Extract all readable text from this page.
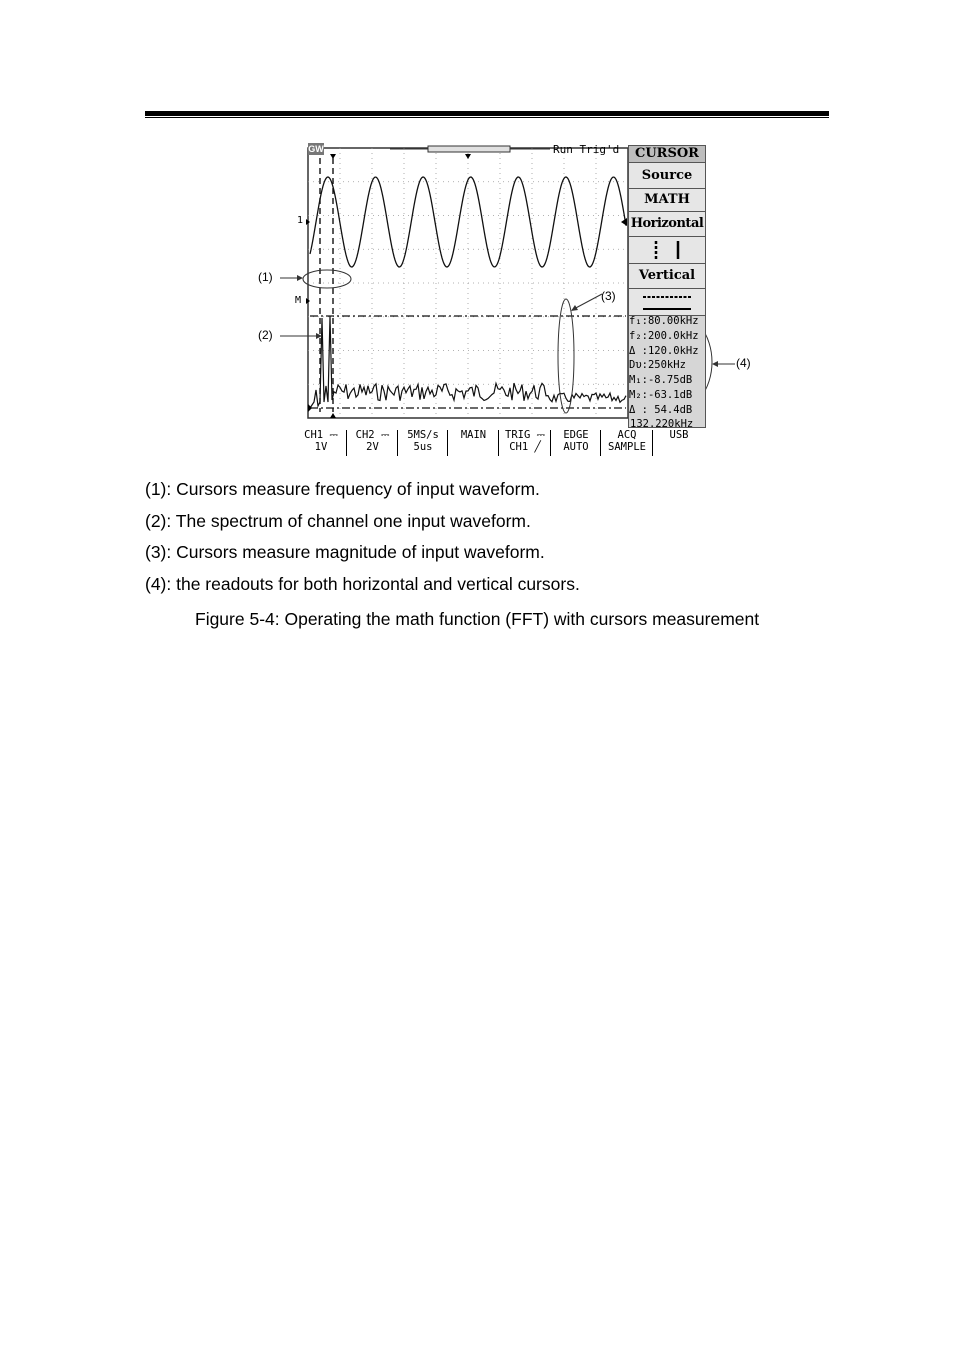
GW	Run Trig'd
1
M
CURSOR
Source
MATH
Horizontal
Vertical
f₁:80.00kHz
f₂:200.0kHz
Δ :120.0kHz
Dυ:250kHz
M₁:-8.75dB
M₂:-63.1dB
Δ : 54.4dB
132.220kHz
CH1 ⎓
1V
CH2 ⎓
2V
5MS/s
5us
MAIN	TRIG ⎓
CH1 ╱
EDGE
AUTO
ACQ
SAMPLE
USB
(1)
(2)
(3)
(4)
(1): Cursors measure frequency of input waveform.
(2): The spectrum of channel one input waveform.
(3): Cursors measure magnitude of input waveform.
(4): the readouts for both horizontal and vertical cursors.
Figure 5-4: Operating the math function (FFT) with cursors measurement
